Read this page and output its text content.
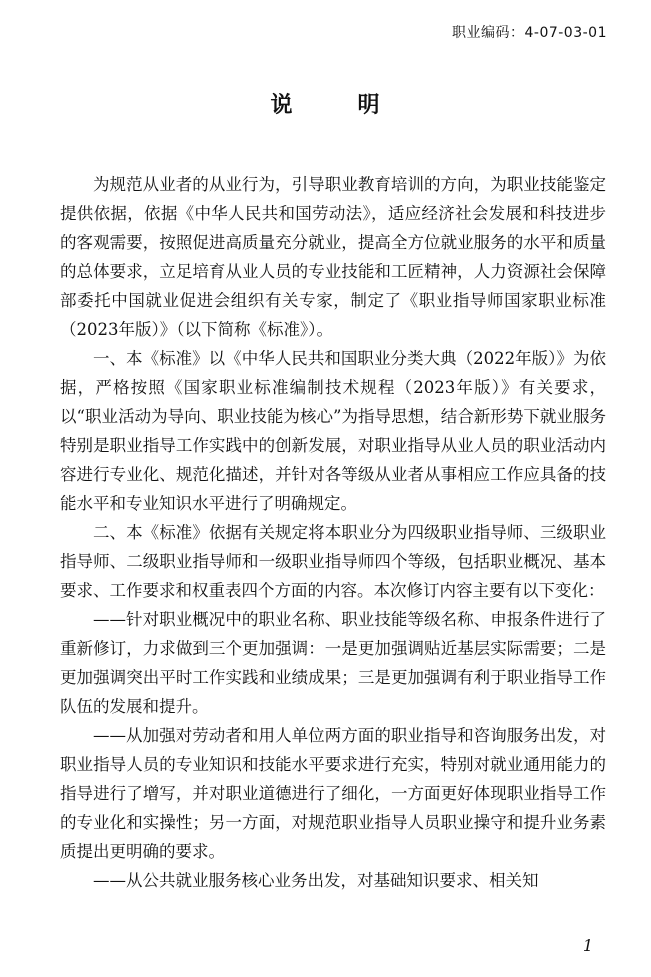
职业编码：4-07-03-01
说	明

为规范从业者的从业行为，引导职业教育培训的方向，为职业技能鉴定提供依据，依据《中华人民共和国劳动法》，适应经济社会发展和科技进步的客观需要，按照促进高质量充分就业，提高全方位就业服务的水平和质量的总体要求，立足培育从业人员的专业技能和工匠精神，人力资源社会保障部委托中国就业促进会组织有关专家，制定了《职业指导师国家职业标准（2023年版）》（以下简称《标准》）。

一、本《标准》以《中华人民共和国职业分类大典（2022年版）》为依据，严格按照《国家职业标准编制技术规程（2023年版）》有关要求，以“职业活动为导向、职业技能为核心”为指导思想，结合新形势下就业服务特别是职业指导工作实践中的创新发展，对职业指导从业人员的职业活动内容进行专业化、规范化描述，并针对各等级从业者从事相应工作应具备的技能水平和专业知识水平进行了明确规定。

二、本《标准》依据有关规定将本职业分为四级职业指导师、三级职业指导师、二级职业指导师和一级职业指导师四个等级，包括职业概况、基本要求、工作要求和权重表四个方面的内容。本次修订内容主要有以下变化：

——针对职业概况中的职业名称、职业技能等级名称、申报条件进行了重新修订，力求做到三个更加强调：一是更加强调贴近基层实际需要；二是更加强调突出平时工作实践和业绩成果；三是更加强调有利于职业指导工作队伍的发展和提升。

——从加强对劳动者和用人单位两方面的职业指导和咨询服务出发，对职业指导人员的专业知识和技能水平要求进行充实，特别对就业通用能力的指导进行了增写，并对职业道德进行了细化，一方面更好体现职业指导工作的专业化和实操性；另一方面，对规范职业指导人员职业操守和提升业务素质提出更明确的要求。

——从公共就业服务核心业务出发，对基础知识要求、相关知

1
